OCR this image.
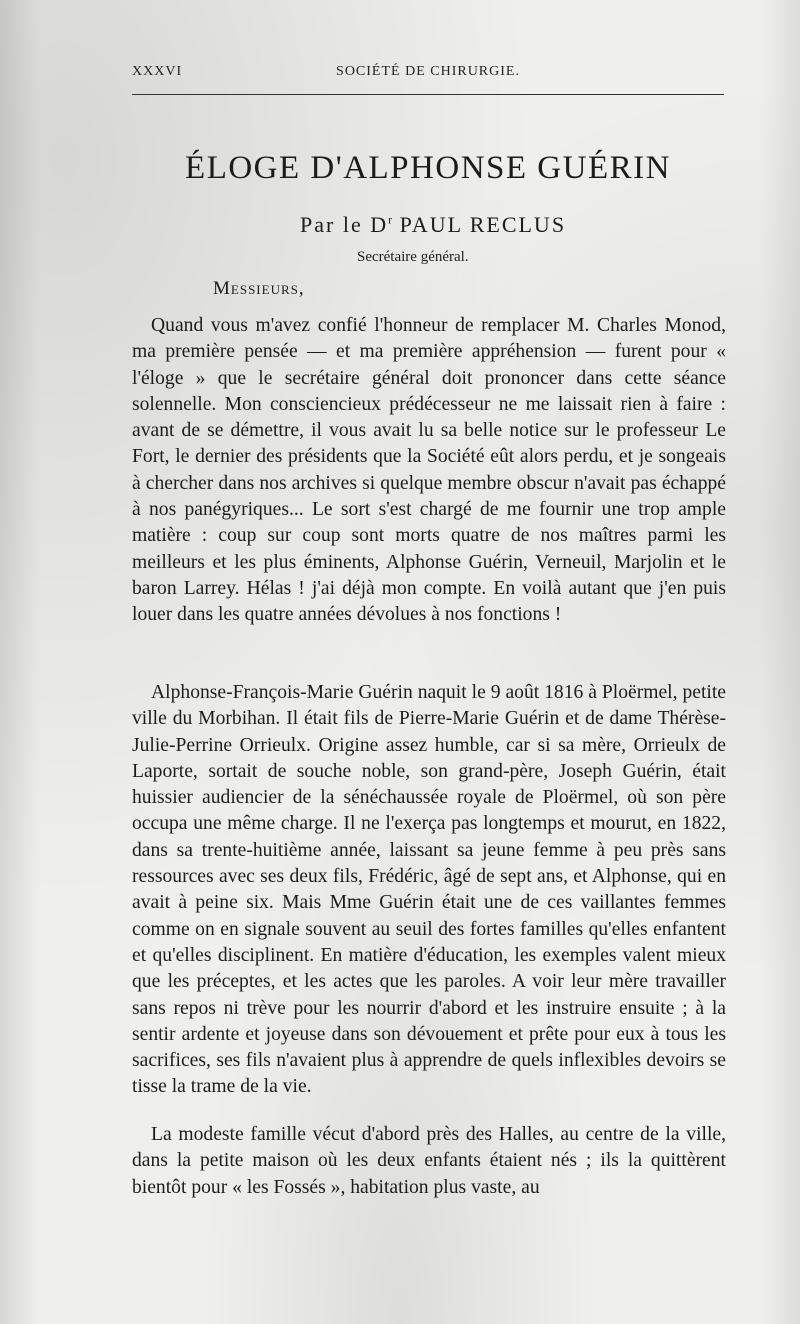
XXXVI	SOCIÉTÉ DE CHIRURGIE.
ÉLOGE D'ALPHONSE GUÉRIN
Par le $D^r$ PAUL RECLUS
Secrétaire général.
Messieurs,

Quand vous m'avez confié l'honneur de remplacer M. Charles Monod, ma première pensée — et ma première appréhension — furent pour « l'éloge » que le secrétaire général doit prononcer dans cette séance solennelle. Mon consciencieux prédécesseur ne me laissait rien à faire : avant de se démettre, il vous avait lu sa belle notice sur le professeur Le Fort, le dernier des présidents que la Société eût alors perdu, et je songeais à chercher dans nos archives si quelque membre obscur n'avait pas échappé à nos panégyriques... Le sort s'est chargé de me fournir une trop ample matière : coup sur coup sont morts quatre de nos maîtres parmi les meilleurs et les plus éminents, Alphonse Guérin, Verneuil, Marjolin et le baron Larrey. Hélas ! j'ai déjà mon compte. En voilà autant que j'en puis louer dans les quatre années dévolues à nos fonctions !

Alphonse-François-Marie Guérin naquit le 9 août 1816 à Ploërmel, petite ville du Morbihan. Il était fils de Pierre-Marie Guérin et de dame Thérèse-Julie-Perrine Orrieulx. Origine assez humble, car si sa mère, Orrieulx de Laporte, sortait de souche noble, son grand-père, Joseph Guérin, était huissier audiencier de la sénéchaussée royale de Ploërmel, où son père occupa une même charge. Il ne l'exerça pas longtemps et mourut, en 1822, dans sa trente-huitième année, laissant sa jeune femme à peu près sans ressources avec ses deux fils, Frédéric, âgé de sept ans, et Alphonse, qui en avait à peine six. Mais Mme Guérin était une de ces vaillantes femmes comme on en signale souvent au seuil des fortes familles qu'elles enfantent et qu'elles disciplinent. En matière d'éducation, les exemples valent mieux que les préceptes, et les actes que les paroles. A voir leur mère travailler sans repos ni trève pour les nourrir d'abord et les instruire ensuite ; à la sentir ardente et joyeuse dans son dévouement et prête pour eux à tous les sacrifices, ses fils n'avaient plus à apprendre de quels inflexibles devoirs se tisse la trame de la vie.

La modeste famille vécut d'abord près des Halles, au centre de la ville, dans la petite maison où les deux enfants étaient nés ; ils la quittèrent bientôt pour « les Fossés », habitation plus vaste, au
